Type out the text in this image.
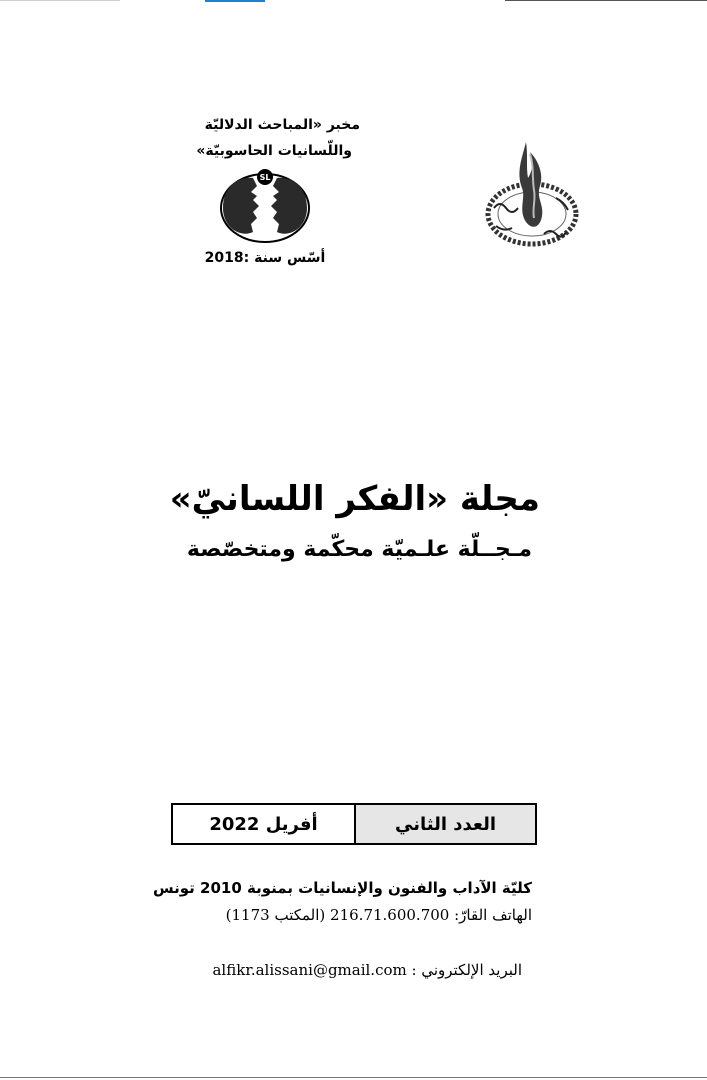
مخبر «المباحث الدلاليّة
واللّسانيات الحاسوبيّة»
SL
أسّس سنة :2018
مجلة «الفكر اللسانيّ»
مـجــلّة علـميّة محكّمة ومتخصّصة
أفريل 2022	العدد الثاني
كليّة الآداب والفنون والإنسانيات بمنوبة 2010 تونس
الهاتف القارّ: 216.71.600.700 (المكتب 1173)
البريد الإلكتروني : alfikr.alissani@gmail.com
